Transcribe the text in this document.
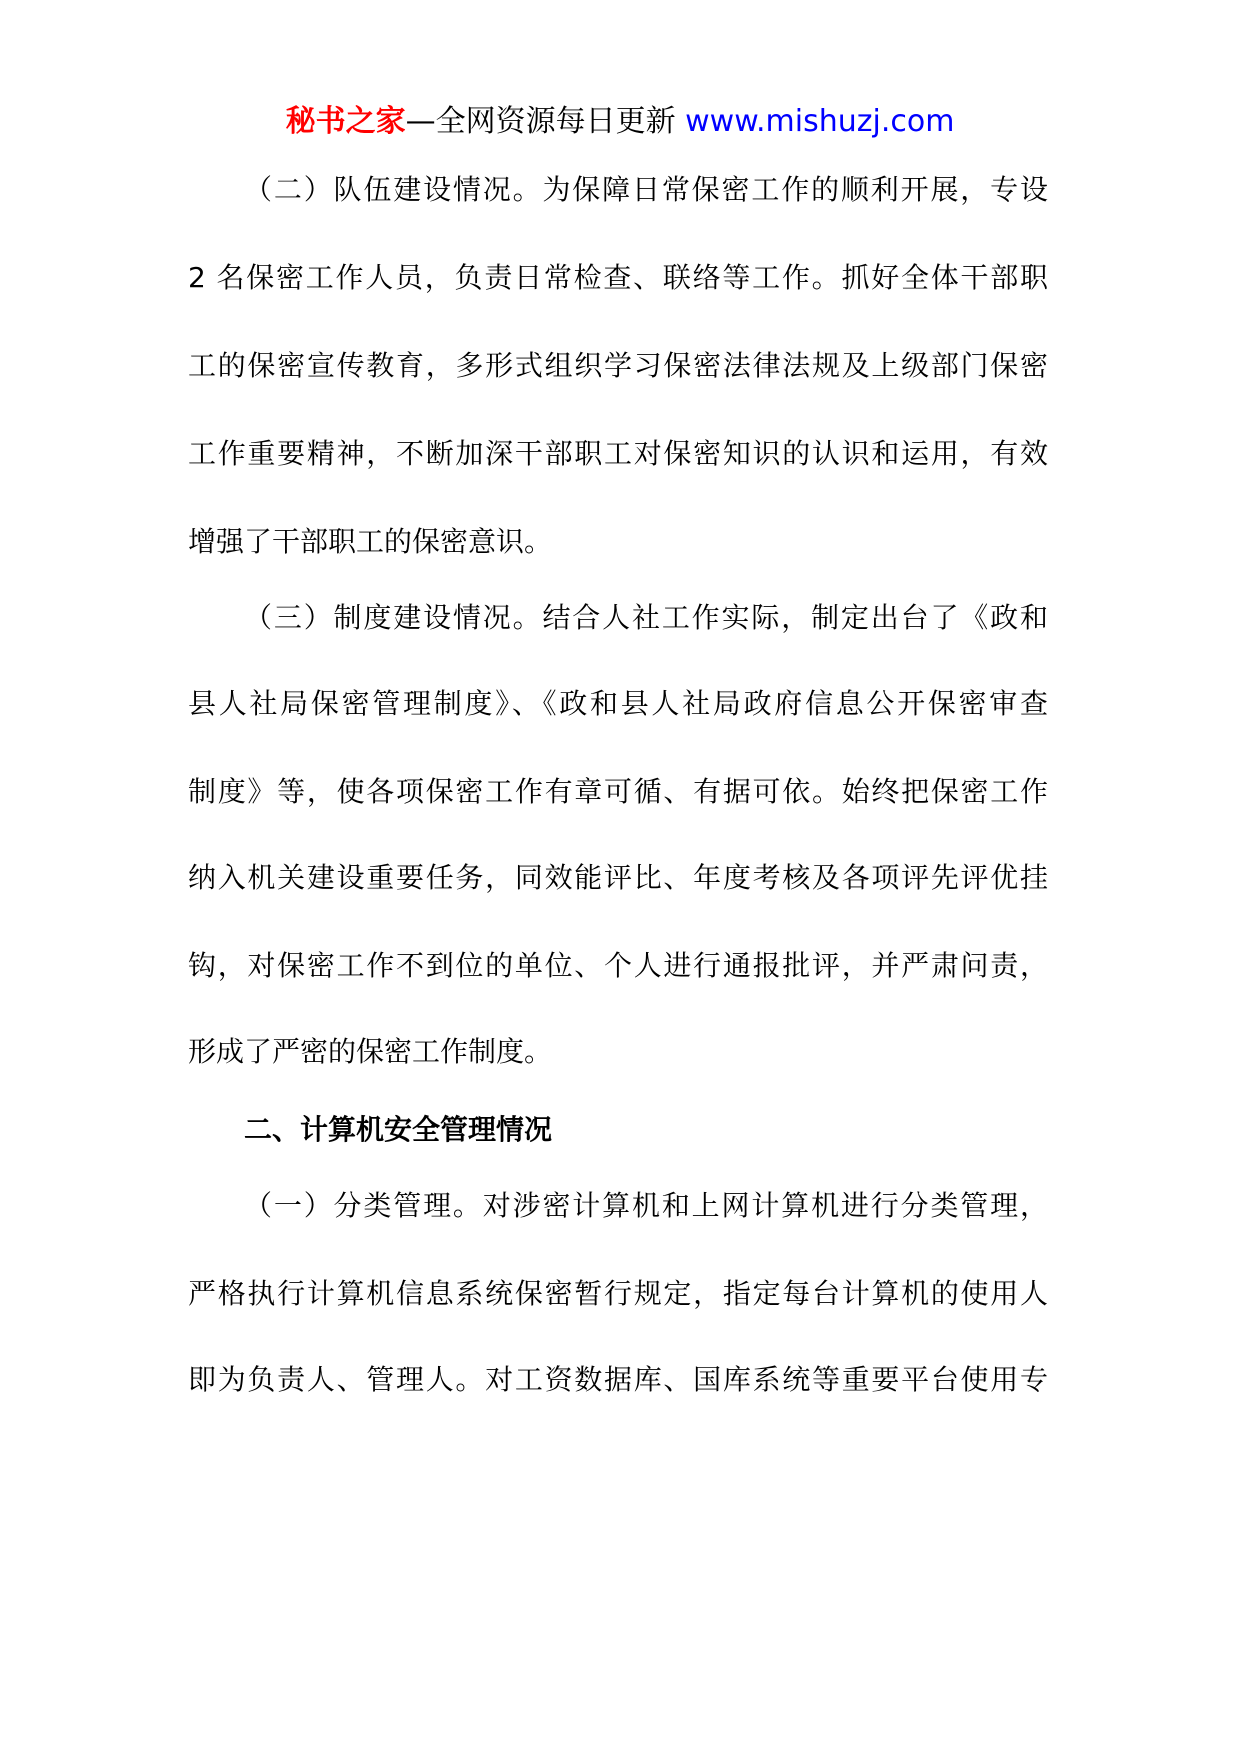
秘书之家—全网资源每日更新 www.mishuzj.com
（二）队伍建设情况。为保障日常保密工作的顺利开展，专设
2 名保密工作人员，负责日常检查、联络等工作。抓好全体干部职
工的保密宣传教育，多形式组织学习保密法律法规及上级部门保密
工作重要精神，不断加深干部职工对保密知识的认识和运用，有效
增强了干部职工的保密意识。
（三）制度建设情况。结合人社工作实际，制定出台了《政和
县人社局保密管理制度》、《政和县人社局政府信息公开保密审查
制度》等，使各项保密工作有章可循、有据可依。始终把保密工作
纳入机关建设重要任务，同效能评比、年度考核及各项评先评优挂
钩，对保密工作不到位的单位、个人进行通报批评，并严肃问责，
形成了严密的保密工作制度。
二、计算机安全管理情况
（一）分类管理。对涉密计算机和上网计算机进行分类管理，
严格执行计算机信息系统保密暂行规定，指定每台计算机的使用人
即为负责人、管理人。对工资数据库、国库系统等重要平台使用专
